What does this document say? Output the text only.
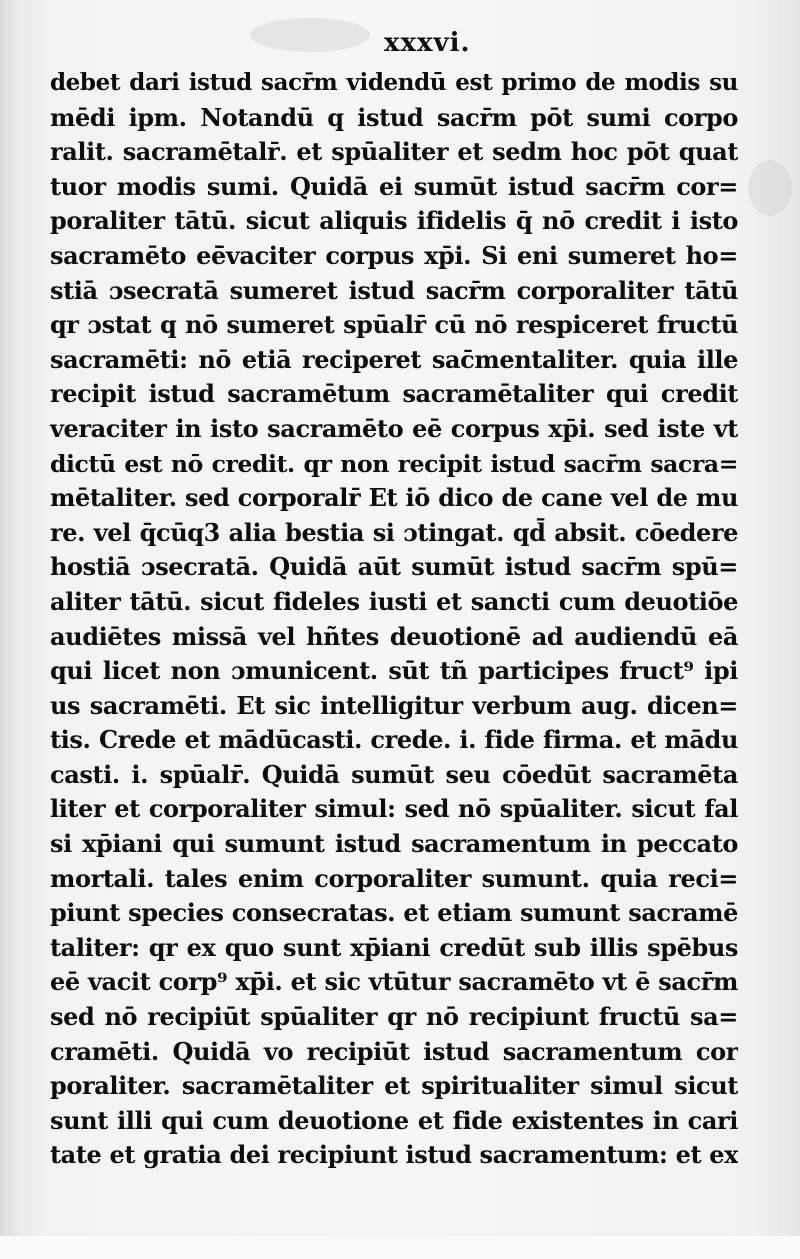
xxxvi.
debet dari istud sacr̄m videndū est primo de modis su
mēdi ipm. Notandū q istud sacr̄m pōt sumi corpo
ralit. sacramētalr̄. et spūaliter et sedm hoc pōt quat
tuor modis sumi. Quidā ei sumūt istud sacr̄m cor=
poraliter tātū. sicut aliquis ifidelis q̄ nō credit i isto
sacramēto eē̄vaciter corpus xp̄i. Si eni sumeret ho=
stiā ɔsecratā sumeret istud sacr̄m corporaliter tātū
qr ɔstat q nō sumeret spūalr̄ cū nō respiceret fructū
sacramēti: nō etiā reciperet sac̄mentaliter. quia ille
recipit istud sacramētum sacramētaliter qui credit
veraciter in isto sacramēto eē corpus xp̄i. sed iste vt
dictū est nō credit. qr non recipit istud sacr̄m sacra=
mētaliter. sed corporalr̄ Et iō dico de cane vel de mu
re. vel q̄cūq3 alia bestia si ɔtingat. qd̄ absit. cōedere
hostiā ɔsecratā. Quidā aūt sumūt istud sacr̄m spū=
aliter tātū. sicut fideles iusti et sancti cum deuotiōe
audiētes missā vel hñtes deuotionē ad audiendū eā
qui licet non ɔmunicent. sūt tñ participes fruct⁹ ipi
us sacramēti. Et sic intelligitur verbum aug. dicen=
tis. Crede et mādūcasti. crede. i. fide firma. et mādu
casti. i. spūalr̄. Quidā sumūt seu cōedūt sacramēta
liter et corporaliter simul: sed nō spūaliter. sicut fal
si xp̄iani qui sumunt istud sacramentum in peccato
mortali. tales enim corporaliter sumunt. quia reci=
piunt species consecratas. et etiam sumunt sacramē
taliter: qr ex quo sunt xp̄iani credūt sub illis spēbus
eē vacit corp⁹ xp̄i. et sic vtūtur sacramēto vt ē sacr̄m
sed nō recipiūt spūaliter qr nō recipiunt fructū sa=
cramēti. Quidā vo recipiūt istud sacramentum cor
poraliter. sacramētaliter et spiritualiter simul sicut
sunt illi qui cum deuotione et fide existentes in cari
tate et gratia dei recipiunt istud sacramentum: et ex
